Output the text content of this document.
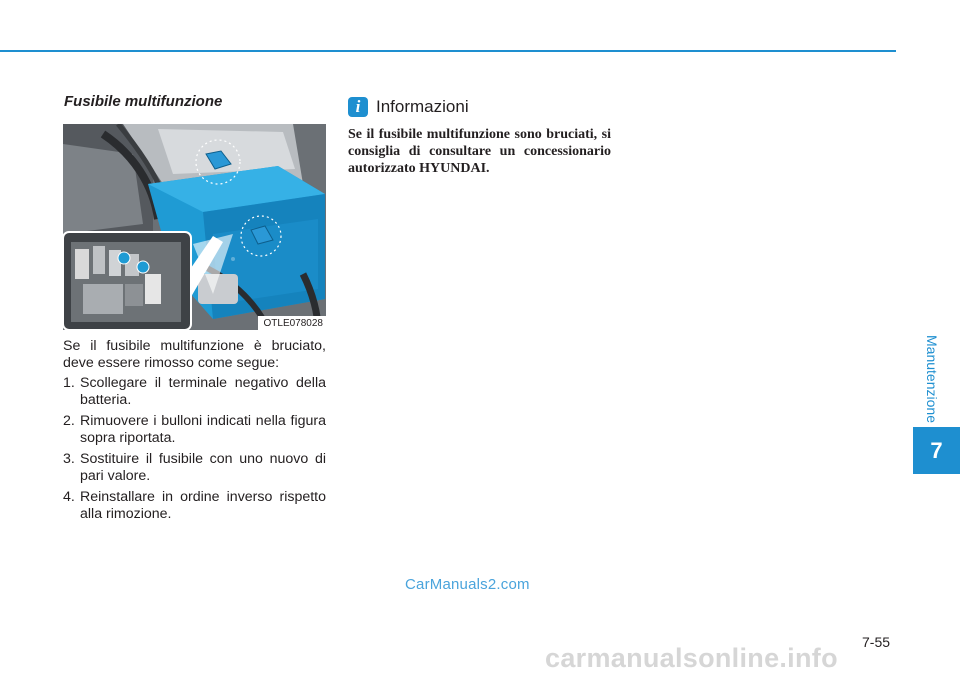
Fusibile multifunzione
OTLE078028

Se il fusibile multifunzione è bruciato, deve essere rimosso come segue:

1. Scollegare il terminale negativo della batteria.
2. Rimuovere i bulloni indicati nella figura sopra riportata.
3. Sostituire il fusibile con uno nuovo di pari valore.
4. Reinstallare in ordine inverso rispetto alla rimozione.
i Informazioni
Se il fusibile multifunzione sono bruciati, si consiglia di consultare un concessionario autorizzato HYUNDAI.
Manutenzione
7
CarManuals2.com
7-55
carmanualsonline.info
